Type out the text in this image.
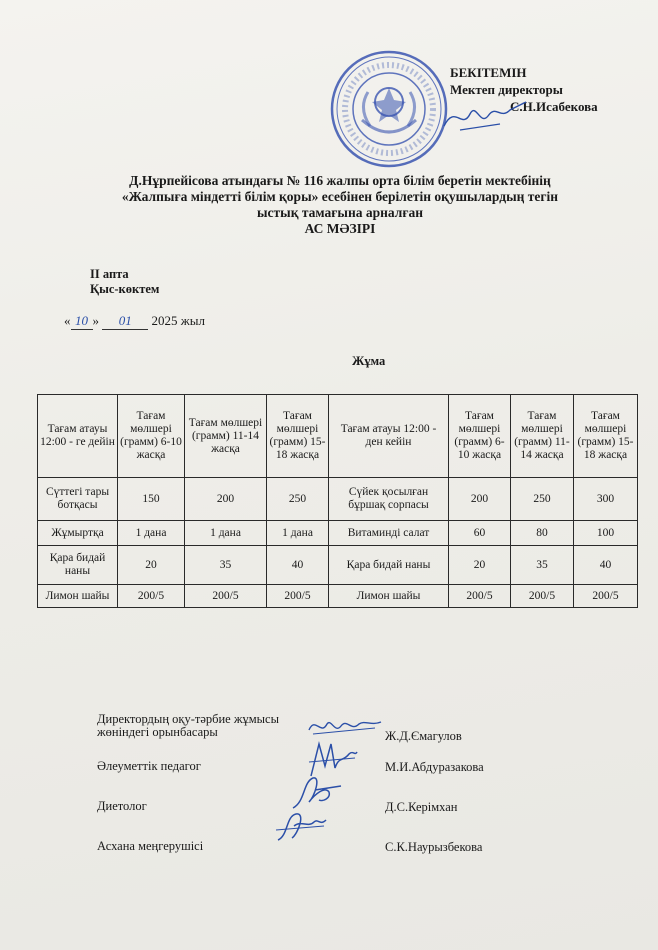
БЕКІТЕМІН
Мектеп директоры
С.Н.Исабекова
Д.Нұрпейісова атындағы № 116 жалпы орта білім беретін мектебінің
«Жалпыға міндетті білім қоры» есебінен берілетін оқушылардың тегін
ыстық тамағына арналған
АС МӘЗІРІ
ІІ апта
Қыс-көктем
« 10 » 01 2025 жыл
Жұма
Тағам атауы 12:00 - ге дейін	Тағам мөлшері (грамм) 6-10 жасқа	Тағам мөлшері (грамм) 11-14 жасқа	Тағам мөлшері (грамм) 15-18 жасқа	Тағам атауы 12:00 - ден кейін	Тағам мөлшері (грамм) 6-10 жасқа	Тағам мөлшері (грамм) 11-14 жасқа	Тағам мөлшері (грамм) 15-18 жасқа
Сүттегі тары ботқасы	150	200	250	Сүйек қосылған бұршақ сорпасы	200	250	300
Жұмыртқа	1 дана	1 дана	1 дана	Витаминді салат	60	80	100
Қара бидай наны	20	35	40	Қара бидай наны	20	35	40
Лимон шайы	200/5	200/5	200/5	Лимон шайы	200/5	200/5	200/5
Директордың оқу-тәрбие жұмысы жөніндегі орынбасары	Ж.Д.Ємагулов
Әлеуметтік педагог	М.И.Абдуразакова
Диетолог	Д.С.Керімхан
Асхана меңгерушісі	С.К.Наурызбекова
